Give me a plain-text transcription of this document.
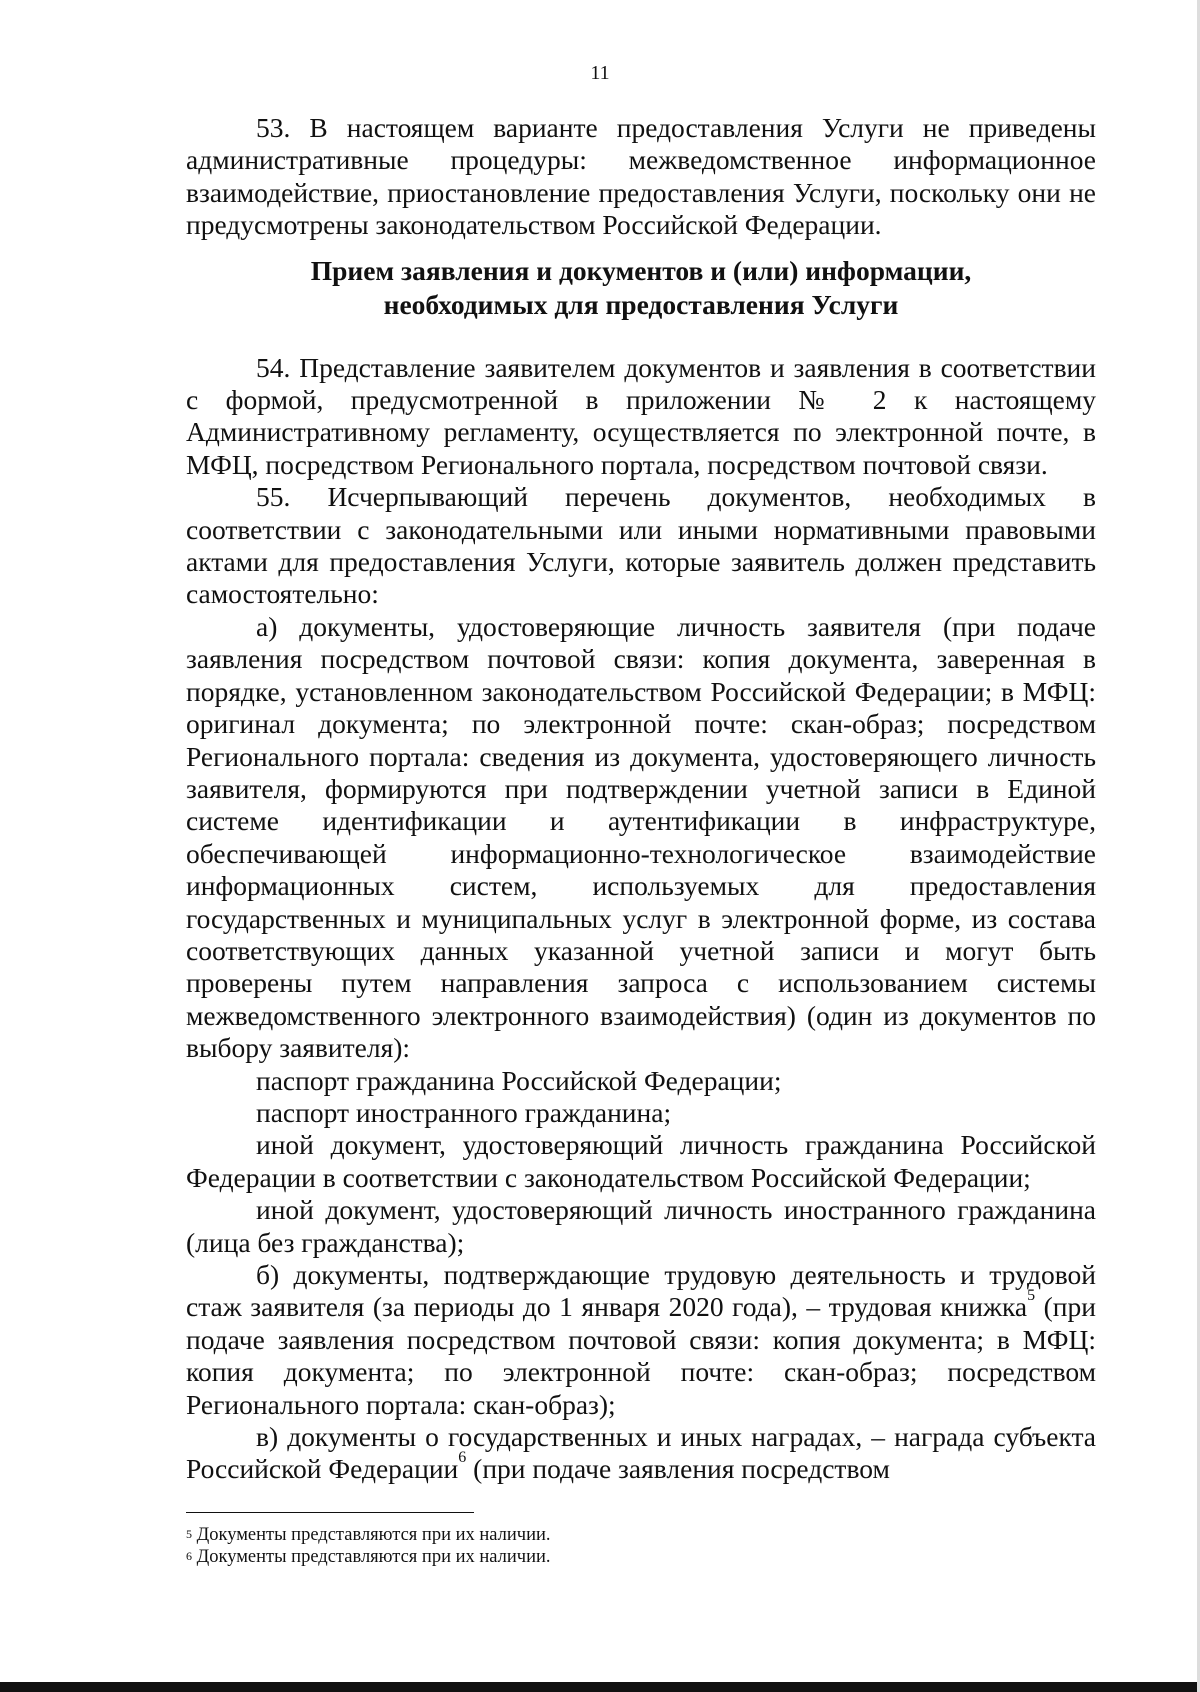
11

53. В настоящем варианте предоставления Услуги не приведены административные процедуры: межведомственное информационное взаимодействие, приостановление предоставления Услуги, поскольку они не предусмотрены законодательством Российской Федерации.

Прием заявления и документов и (или) информации,
необходимых для предоставления Услуги

54. Представление заявителем документов и заявления в соответствии с формой, предусмотренной в приложении № 2 к настоящему Административному регламенту, осуществляется по электронной почте, в МФЦ, посредством Регионального портала, посредством почтовой связи.

55. Исчерпывающий перечень документов, необходимых в соответствии с законодательными или иными нормативными правовыми актами для предоставления Услуги, которые заявитель должен представить самостоятельно:

а) документы, удостоверяющие личность заявителя (при подаче заявления посредством почтовой связи: копия документа, заверенная в порядке, установленном законодательством Российской Федерации; в МФЦ: оригинал документа; по электронной почте: скан-образ; посредством Регионального портала: сведения из документа, удостоверяющего личность заявителя, формируются при подтверждении учетной записи в Единой системе идентификации и аутентификации в инфраструктуре, обеспечивающей информационно-технологическое взаимодействие информационных систем, используемых для предоставления государственных и муниципальных услуг в электронной форме, из состава соответствующих данных указанной учетной записи и могут быть проверены путем направления запроса с использованием системы межведомственного электронного взаимодействия) (один из документов по выбору заявителя):

паспорт гражданина Российской Федерации;

паспорт иностранного гражданина;

иной документ, удостоверяющий личность гражданина Российской Федерации в соответствии с законодательством Российской Федерации;

иной документ, удостоверяющий личность иностранного гражданина (лица без гражданства);

б) документы, подтверждающие трудовую деятельность и трудовой стаж заявителя (за периоды до 1 января 2020 года), – трудовая книжка$^5$ (при подаче заявления посредством почтовой связи: копия документа; в МФЦ: копия документа; по электронной почте: скан-образ; посредством Регионального портала: скан-образ);

в) документы о государственных и иных наградах, – награда субъекта Российской Федерации$^6$ (при подаче заявления посредством

$^5$ Документы представляются при их наличии.

$^6$ Документы представляются при их наличии.
